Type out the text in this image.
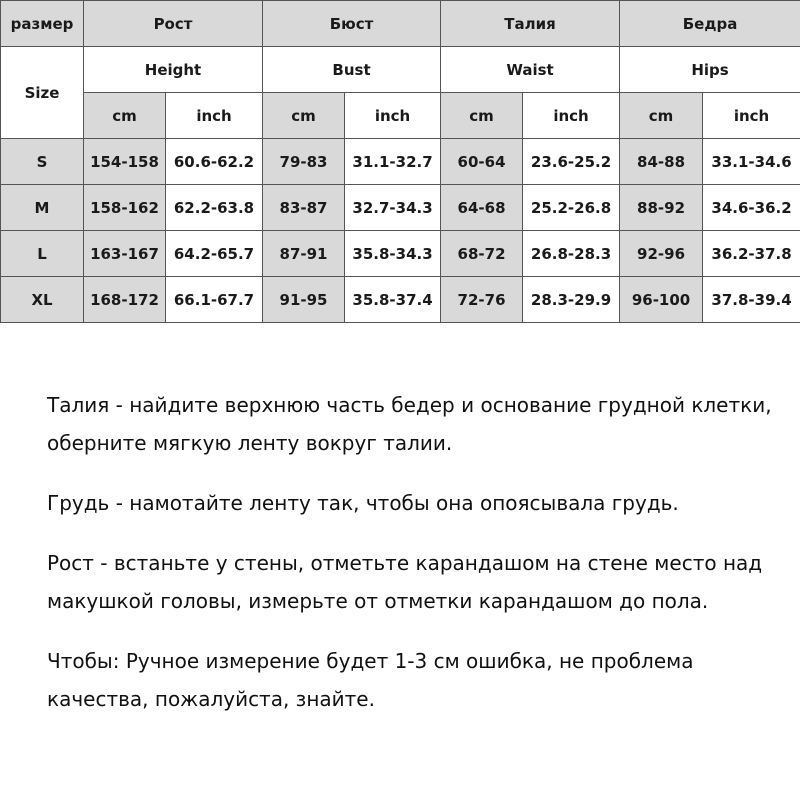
размер	Рост		Бюст		Талия		Бедра	
Size	Height		Bust		Waist		Hips	
	cm	inch	cm	inch	cm	inch	cm	inch
S	154-158	60.6-62.2	79-83	31.1-32.7	60-64	23.6-25.2	84-88	33.1-34.6
M	158-162	62.2-63.8	83-87	32.7-34.3	64-68	25.2-26.8	88-92	34.6-36.2
L	163-167	64.2-65.7	87-91	35.8-34.3	68-72	26.8-28.3	92-96	36.2-37.8
XL	168-172	66.1-67.7	91-95	35.8-37.4	72-76	28.3-29.9	96-100	37.8-39.4

Талия - найдите верхнюю часть бедер и основание грудной клетки, оберните мягкую ленту вокруг талии.

Грудь - намотайте ленту так, чтобы она опоясывала грудь.

Рост - встаньте у стены, отметьте карандашом на стене место над макушкой головы, измерьте от отметки карандашом до пола.

Чтобы: Ручное измерение будет 1-3 см ошибка, не проблема качества, пожалуйста, знайте.
